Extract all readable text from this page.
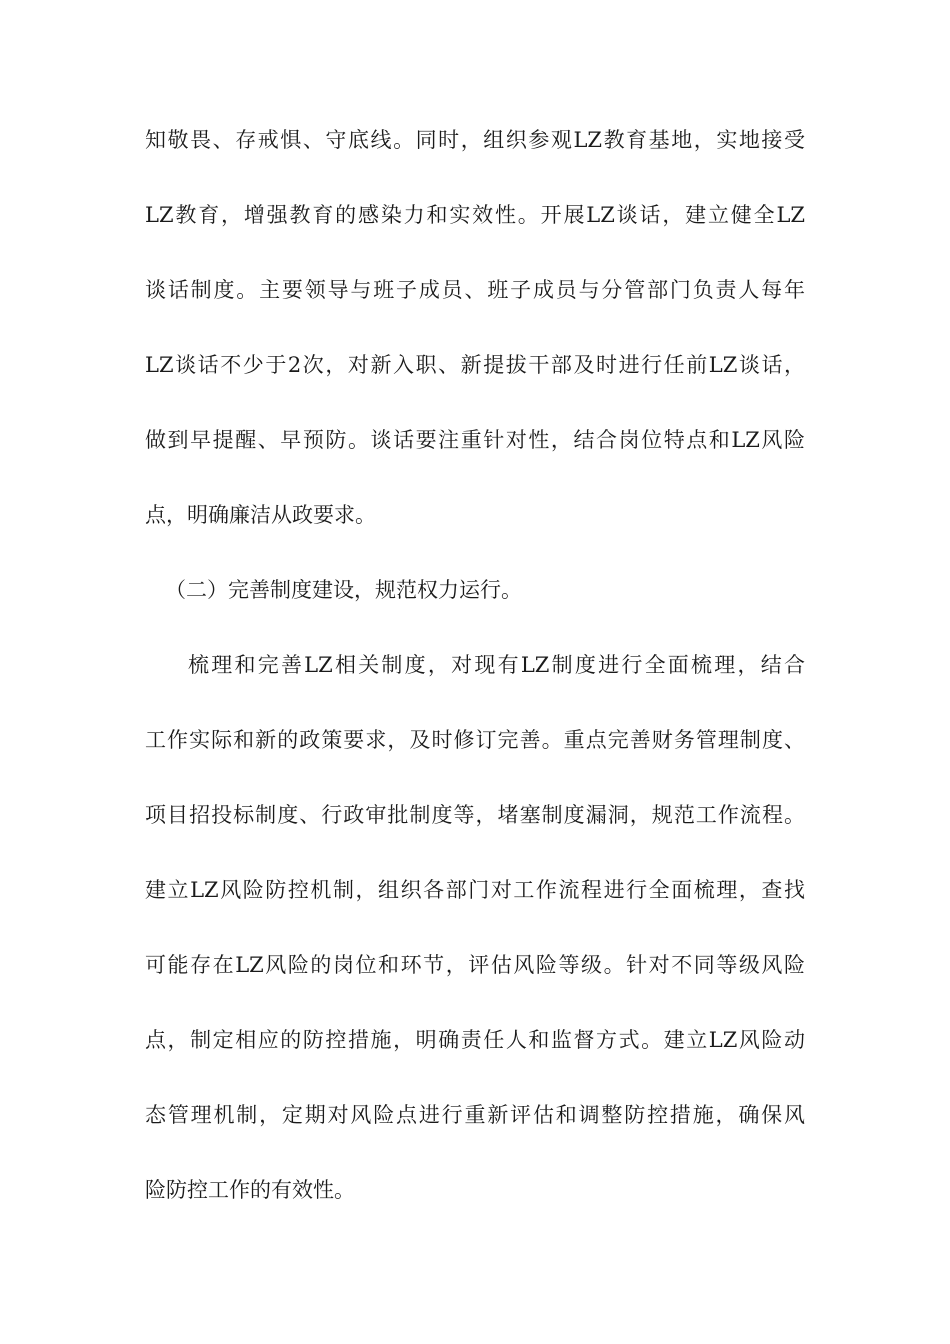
知敬畏、存戒惧、守底线。同时，组织参观LZ教育基地，实地接受
LZ教育，增强教育的感染力和实效性。开展LZ谈话，建立健全LZ
谈话制度。主要领导与班子成员、班子成员与分管部门负责人每年
LZ谈话不少于2次，对新入职、新提拔干部及时进行任前LZ谈话，
做到早提醒、早预防。谈话要注重针对性，结合岗位特点和LZ风险
点，明确廉洁从政要求。
（二）完善制度建设，规范权力运行。
梳理和完善LZ相关制度，对现有LZ制度进行全面梳理，结合
工作实际和新的政策要求，及时修订完善。重点完善财务管理制度、
项目招投标制度、行政审批制度等，堵塞制度漏洞，规范工作流程。
建立LZ风险防控机制，组织各部门对工作流程进行全面梳理，查找
可能存在LZ风险的岗位和环节，评估风险等级。针对不同等级风险
点，制定相应的防控措施，明确责任人和监督方式。建立LZ风险动
态管理机制，定期对风险点进行重新评估和调整防控措施，确保风
险防控工作的有效性。
